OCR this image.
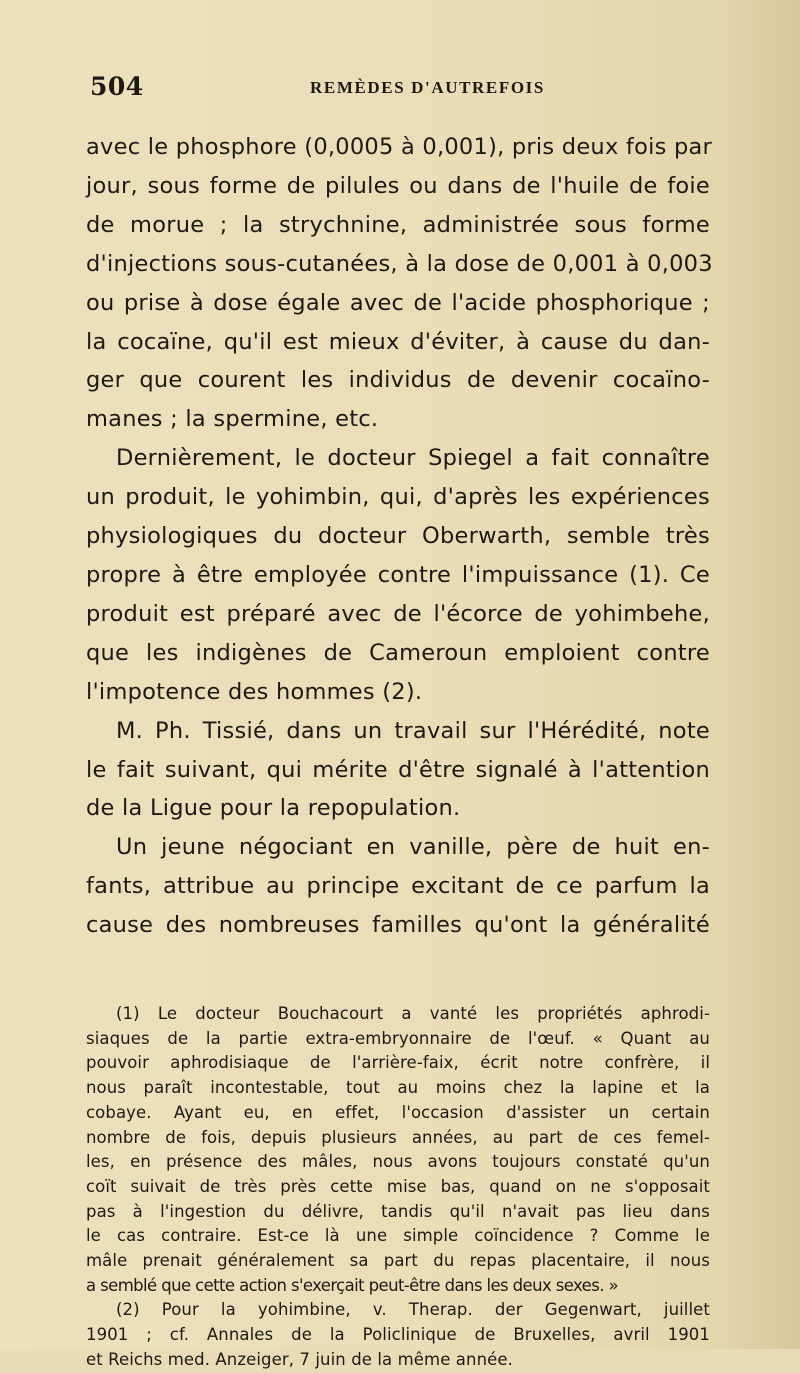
504	REMÈDES D'AUTREFOIS
avec le phosphore (0,0005 à 0,001), pris deux fois par
jour, sous forme de pilules ou dans de l'huile de foie
de morue ; la strychnine, administrée sous forme
d'injections sous-cutanées, à la dose de 0,001 à 0,003
ou prise à dose égale avec de l'acide phosphorique ;
la cocaïne, qu'il est mieux d'éviter, à cause du dan-
ger que courent les individus de devenir cocaïno-
manes ; la spermine, etc.
Dernièrement, le docteur Spiegel a fait connaître
un produit, le yohimbin, qui, d'après les expériences
physiologiques du docteur Oberwarth, semble très
propre à être employée contre l'impuissance (1). Ce
produit est préparé avec de l'écorce de yohimbehe,
que les indigènes de Cameroun emploient contre
l'impotence des hommes (2).
M. Ph. Tissié, dans un travail sur l'Hérédité, note
le fait suivant, qui mérite d'être signalé à l'attention
de la Ligue pour la repopulation.
Un jeune négociant en vanille, père de huit en-
fants, attribue au principe excitant de ce parfum la
cause des nombreuses familles qu'ont la généralité
(1) Le docteur Bouchacourt a vanté les propriétés aphrodi-
siaques de la partie extra-embryonnaire de l'œuf. « Quant au
pouvoir aphrodisiaque de l'arrière-faix, écrit notre confrère, il
nous paraît incontestable, tout au moins chez la lapine et la
cobaye. Ayant eu, en effet, l'occasion d'assister un certain
nombre de fois, depuis plusieurs années, au part de ces femel-
les, en présence des mâles, nous avons toujours constaté qu'un
coït suivait de très près cette mise bas, quand on ne s'opposait
pas à l'ingestion du délivre, tandis qu'il n'avait pas lieu dans
le cas contraire. Est-ce là une simple coïncidence ? Comme le
mâle prenait généralement sa part du repas placentaire, il nous
a semblé que cette action s'exerçait peut-être dans les deux sexes. »
(2) Pour la yohimbine, v. Therap. der Gegenwart, juillet
1901 ; cf. Annales de la Policlinique de Bruxelles, avril 1901
et Reichs med. Anzeiger, 7 juin de la même année.
